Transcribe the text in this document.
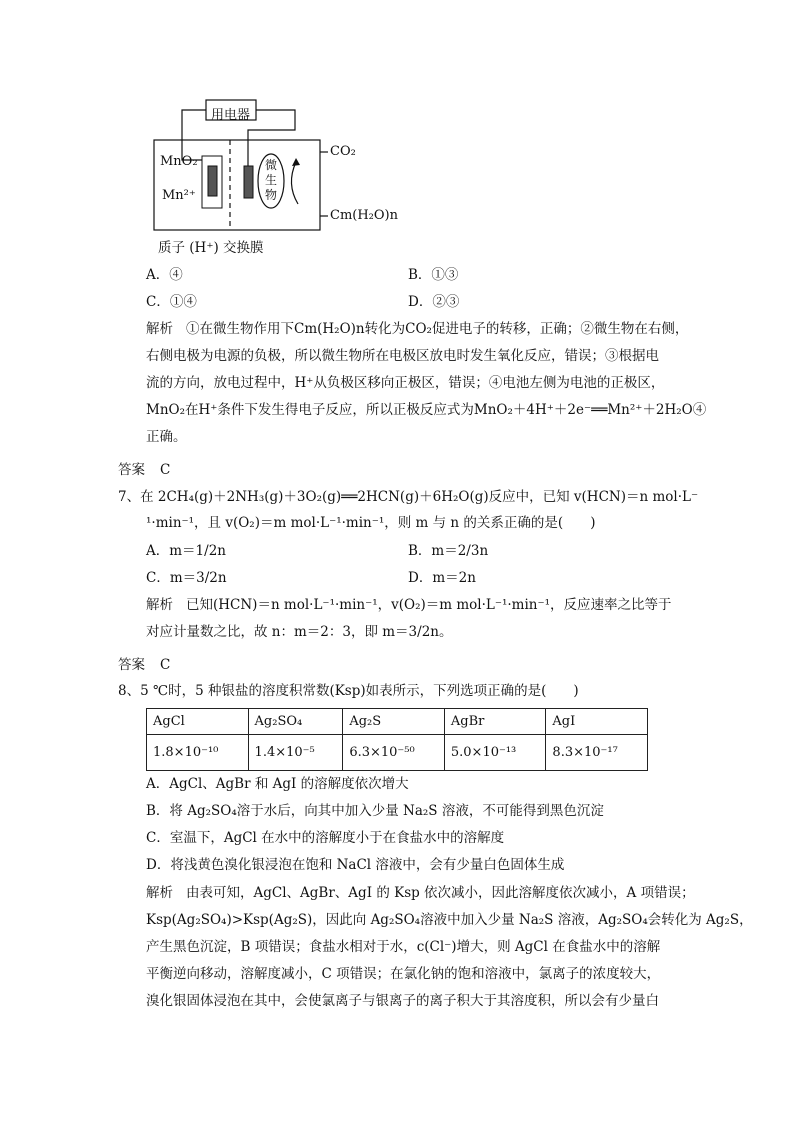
用电器
MnO₂
Mn²⁺
微
生
物
CO₂
Cm(H₂O)n
质子 (H⁺) 交换膜
A．④	B．①③
C．①④	D．②③
解析 ①在微生物作用下Cm(H₂O)n转化为CO₂促进电子的转移，正确；②微生物在右侧，
右侧电极为电源的负极，所以微生物所在电极区放电时发生氧化反应，错误；③根据电
流的方向，放电过程中，H⁺从负极区移向正极区，错误；④电池左侧为电池的正极区，
MnO₂在H⁺条件下发生得电子反应，所以正极反应式为MnO₂＋4H⁺＋2e⁻══Mn²⁺＋2H₂O④
正确。
答案 C
7、在 2CH₄(g)＋2NH₃(g)＋3O₂(g)══2HCN(g)＋6H₂O(g)反应中，已知 v(HCN)＝n mol·L⁻
¹·min⁻¹，且 v(O₂)＝m mol·L⁻¹·min⁻¹，则 m 与 n 的关系正确的是(　　)
A．m＝1/2n	B．m＝2/3n
C．m＝3/2n	D．m＝2n
解析 已知(HCN)＝n mol·L⁻¹·min⁻¹，v(O₂)＝m mol·L⁻¹·min⁻¹，反应速率之比等于
对应计量数之比，故 n：m＝2：3，即 m＝3/2n。
答案 C
8、5 ℃时，5 种银盐的溶度积常数(Ksp)如表所示，下列选项正确的是(　　)
AgCl	Ag₂SO₄	Ag₂S	AgBr	AgI
1.8×10⁻¹⁰	1.4×10⁻⁵	6.3×10⁻⁵⁰	5.0×10⁻¹³	8.3×10⁻¹⁷
A．AgCl、AgBr 和 AgI 的溶解度依次增大
B．将 Ag₂SO₄溶于水后，向其中加入少量 Na₂S 溶液，不可能得到黑色沉淀
C．室温下，AgCl 在水中的溶解度小于在食盐水中的溶解度
D．将浅黄色溴化银浸泡在饱和 NaCl 溶液中，会有少量白色固体生成
解析 由表可知，AgCl、AgBr、AgI 的 Ksp 依次减小，因此溶解度依次减小，A 项错误；
Ksp(Ag₂SO₄)>Ksp(Ag₂S)，因此向 Ag₂SO₄溶液中加入少量 Na₂S 溶液，Ag₂SO₄会转化为 Ag₂S，
产生黑色沉淀，B 项错误；食盐水相对于水，c(Cl⁻)增大，则 AgCl 在食盐水中的溶解
平衡逆向移动，溶解度减小，C 项错误；在氯化钠的饱和溶液中，氯离子的浓度较大，
溴化银固体浸泡在其中，会使氯离子与银离子的离子积大于其溶度积，所以会有少量白
